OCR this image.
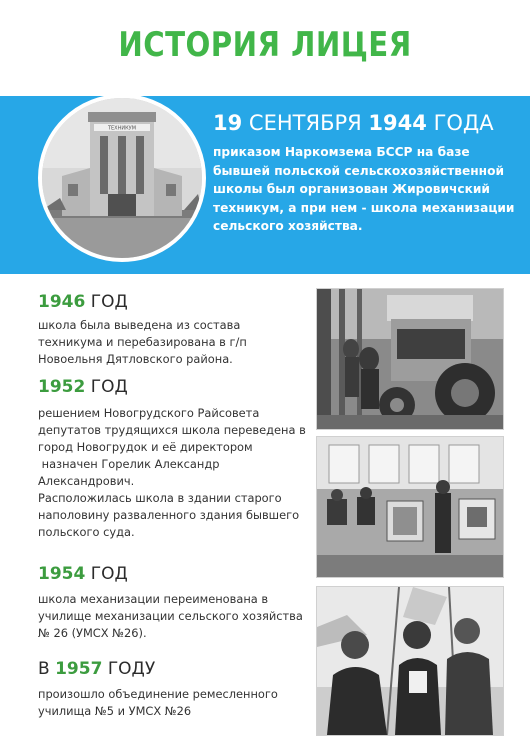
ИСТОРИЯ ЛИЦЕЯ
ТЕХНИКУМ	19 СЕНТЯБРЯ 1944 ГОДА
приказом Наркомзема БССР на базе
бывшей польской сельскохозяйственной
школы был организован Жировичский
техникум, а при нем - школа механизации
сельского хозяйства.
1946 ГОД
школа была выведена из состава
техникума и перебазирована в г/п
Новоельня Дятловского района.
1952 ГОД
решением Новогрудского Райсовета
депутатов трудящихся школа переведена в
город Новогрудок и её директором
назначен Горелик Александр
Александрович.
Расположилась школа в здании старого
наполовину разваленного здания бывшего
польского суда.
1954 ГОД
школа механизации переименована в
училище механизации сельского хозяйства
№ 26 (УМСХ №26).
В 1957 ГОДУ
произошло объединение ремесленного
училища №5 и УМСХ №26
